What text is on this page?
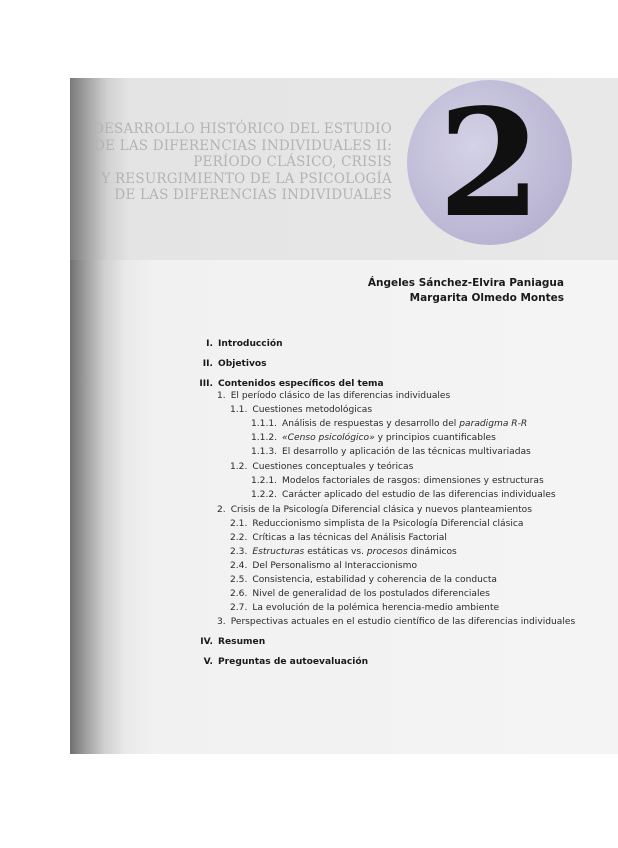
2
DESARROLLO HISTÓRICO DEL ESTUDIO
DE LAS DIFERENCIAS INDIVIDUALES II:
PERÍODO CLÁSICO, CRISIS
Y RESURGIMIENTO DE LA PSICOLOGÍA
DE LAS DIFERENCIAS INDIVIDUALES
Ángeles Sánchez-Elvira Paniagua
Margarita Olmedo Montes
I. Introducción
II. Objetivos
III. Contenidos específicos del tema
1. El período clásico de las diferencias individuales
1.1. Cuestiones metodológicas
1.1.1. Análisis de respuestas y desarrollo del paradigma R-R
1.1.2. «Censo psicológico» y principios cuantificables
1.1.3. El desarrollo y aplicación de las técnicas multivariadas
1.2. Cuestiones conceptuales y teóricas
1.2.1. Modelos factoriales de rasgos: dimensiones y estructuras
1.2.2. Carácter aplicado del estudio de las diferencias individuales
2. Crisis de la Psicología Diferencial clásica y nuevos planteamientos
2.1. Reduccionismo simplista de la Psicología Diferencial clásica
2.2. Críticas a las técnicas del Análisis Factorial
2.3. Estructuras estáticas vs. procesos dinámicos
2.4. Del Personalismo al Interaccionismo
2.5. Consistencia, estabilidad y coherencia de la conducta
2.6. Nivel de generalidad de los postulados diferenciales
2.7. La evolución de la polémica herencia-medio ambiente
3. Perspectivas actuales en el estudio científico de las diferencias individuales
IV. Resumen
V. Preguntas de autoevaluación
